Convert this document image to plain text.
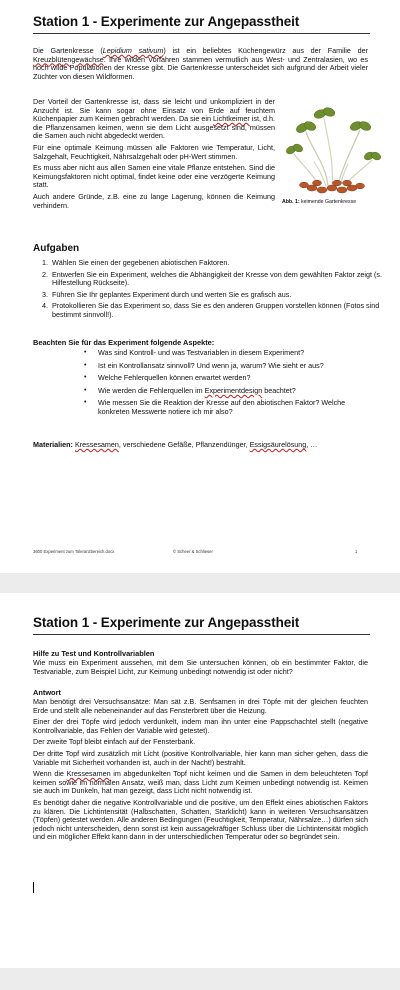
Station 1 - Experimente zur Angepasstheit
Die Gartenkresse (Lepidium sativum) ist ein beliebtes Küchengewürz aus der Familie der Kreuzblütengewächse. Ihre wilden Vorfahren stammen vermutlich aus West- und Zentralasien, wo es noch wilde Populationen der Kresse gibt. Die Gartenkresse unterscheidet sich aufgrund der Arbeit vieler Züchter von diesen Wildformen.

Der Vorteil der Gartenkresse ist, dass sie leicht und unkompliziert in der Anzucht ist. Sie kann sogar ohne Einsatz von Erde auf feuchtem Küchenpapier zum Keimen gebracht werden. Da sie ein Lichtkeimer ist, d.h. die Pflanzensamen keimen, wenn sie dem Licht ausgesetzt sind, müssen die Samen auch nicht abgedeckt werden.

Für eine optimale Keimung müssen alle Faktoren wie Temperatur, Licht, Salzgehalt, Feuchtigkeit, Nährsalzgehalt oder pH-Wert stimmen.

Es muss aber nicht aus allen Samen eine vitale Pflanze entstehen. Sind die Keimungsfaktoren nicht optimal, findet keine oder eine verzögerte Keimung statt.

Auch andere Gründe, z.B. eine zu lange Lagerung, können die Keimung verhindern.	Abb. 1: keimende Gartenkresse
Aufgaben
1. Wählen Sie einen der gegebenen abiotischen Faktoren.
2. Entwerfen Sie ein Experiment, welches die Abhängigkeit der Kresse von dem gewählten Faktor zeigt (s. Hilfestellung Rückseite).
3. Führen Sie Ihr geplantes Experiment durch und werten Sie es grafisch aus.
4. Protokollieren Sie das Experiment so, dass Sie es den anderen Gruppen vorstellen können (Fotos sind bestimmt sinnvoll!).
Beachten Sie für das Experiment folgende Aspekte:
• Was sind Kontroll- und was Testvariablen in diesem Experiment?
• Ist ein Kontrollansatz sinnvoll? Und wenn ja, warum? Wie sieht er aus?
• Welche Fehlerquellen können erwartet werden?
• Wie werden die Fehlerquellen im Experimentdesign beachtet?
• Wie messen Sie die Reaktion der Kresse auf den abiotischen Faktor? Welche konkreten Messwerte notiere ich mir also?
Materialien: Kressesamen, verschiedene Gefäße, Pflanzendünger, Essigsäurelösung, …
3600 Experiment zum Toleranzbereich.docx	© Scheer & Schlieser	1
Station 1 - Experimente zur Angepasstheit
Hilfe zu Test und Kontrollvariablen
Wie muss ein Experiment aussehen, mit dem Sie untersuchen können, ob ein bestimmter Faktor, die Testvariable, zum Beispiel Licht, zur Keimung unbedingt notwendig ist oder nicht?
Antwort

Man benötigt drei Versuchsansätze: Man sät z.B. Senfsamen in drei Töpfe mit der gleichen feuchten Erde und stellt alle nebeneinander auf das Fensterbrett über die Heizung.

Einer der drei Töpfe wird jedoch verdunkelt, indem man ihn unter eine Pappschachtel stellt (negative Kontrollvariable, das Fehlen der Variable wird getestet).

Der zweite Topf bleibt einfach auf der Fensterbank.

Der dritte Topf wird zusätzlich mit Licht (positive Kontrollvariable, hier kann man sicher gehen, dass die Variable mit Sicherheit vorhanden ist, auch in der Nacht!) bestrahlt.

Wenn die Kressesamen im abgedunkelten Topf nicht keimen und die Samen in dem beleuchteten Topf keimen sowie im normalen Ansatz, weiß man, dass Licht zum Keimen unbedingt notwendig ist. Keimen sie auch im Dunkeln, hat man gezeigt, dass Licht nicht notwendig ist.

Es benötigt daher die negative Kontrollvariable und die positive, um den Effekt eines abiotischen Faktors zu klären. Die Lichtintensität (Halbschatten, Schatten, Starklicht) kann in weiteren Versuchsansätzen (Töpfen) getestet werden. Alle anderen Bedingungen (Feuchtigkeit, Temperatur, Nährsalze…) dürfen sich jedoch nicht unterscheiden, denn sonst ist kein aussagekräftiger Schluss über die Lichtintensität möglich und ein möglicher Effekt kann dann in der unterschiedlichen Temperatur oder so begründet sein.
